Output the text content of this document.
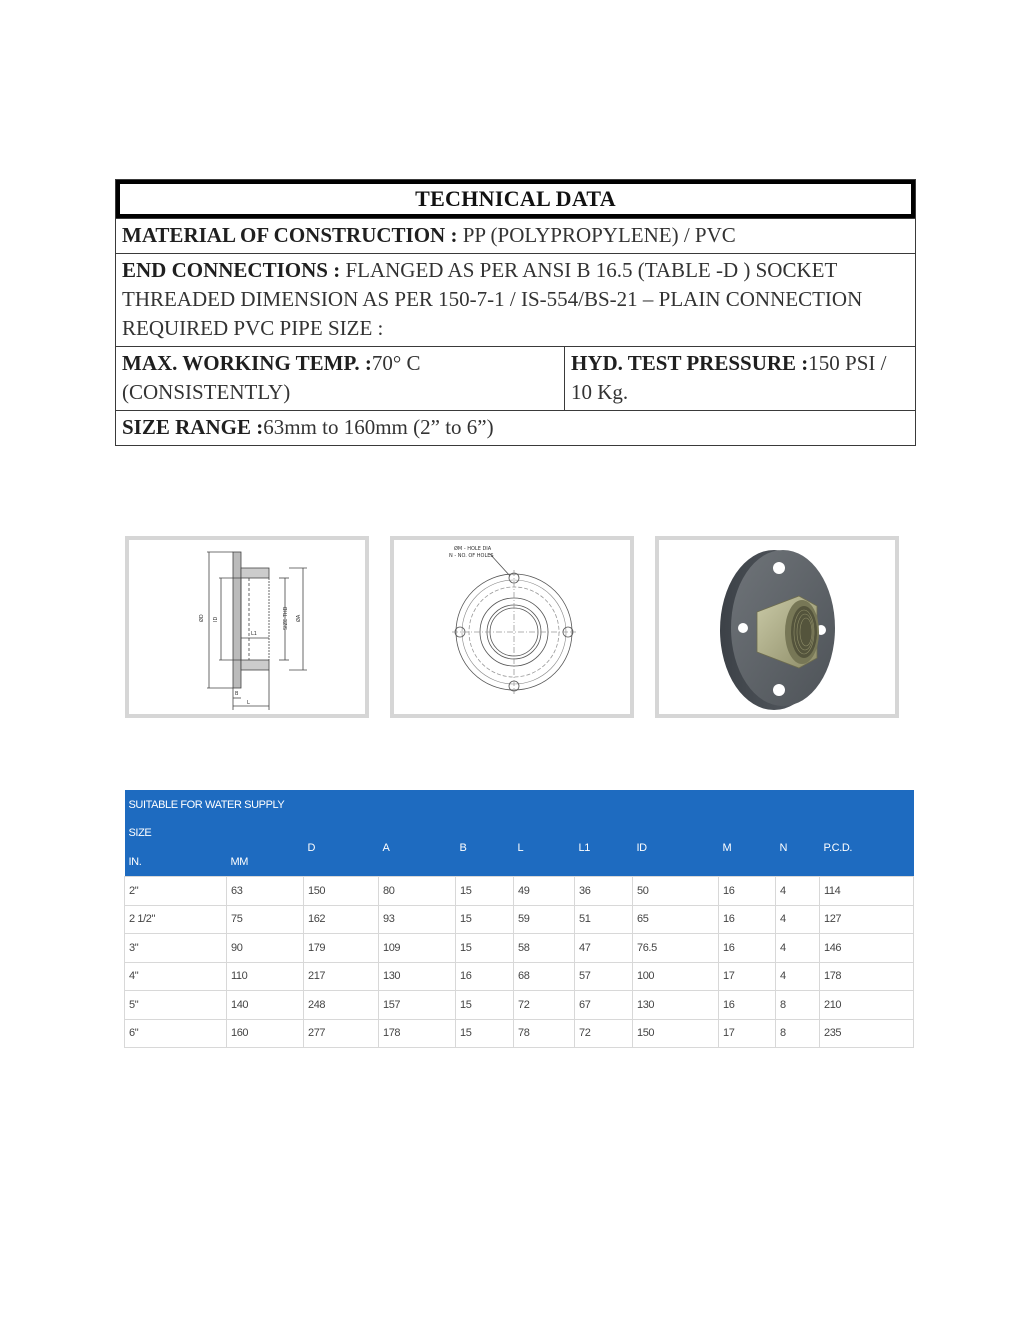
TECHNICAL DATA

MATERIAL OF CONSTRUCTION : PP (POLYPROPYLENE) / PVC
END CONNECTIONS : FLANGED AS PER ANSI B 16.5 (TABLE -D ) SOCKET THREADED DIMENSION AS PER 150-7-1 / IS-554/BS-21 – PLAIN CONNECTION REQUIRED PVC PIPE SIZE :
MAX. WORKING TEMP. :70° C (CONSISTENTLY)	HYD. TEST PRESSURE :150 PSI / 10 Kg.
SIZE RANGE :63mm to 160mm (2” to 6”)
ØD ID
L1
B
L
SIZE THD ØA
ØM - HOLE DIA
N - NO. OF HOLES
SUITABLE FOR WATER SUPPLY										
SIZE		D	A	B	L	L1	ID	M	N	P.C.D.
IN.	MM									
2"	63	150	80	15	49	36	50	16	4	114
2 1/2"	75	162	93	15	59	51	65	16	4	127
3"	90	179	109	15	58	47	76.5	16	4	146
4"	110	217	130	16	68	57	100	17	4	178
5"	140	248	157	15	72	67	130	16	8	210
6"	160	277	178	15	78	72	150	17	8	235
